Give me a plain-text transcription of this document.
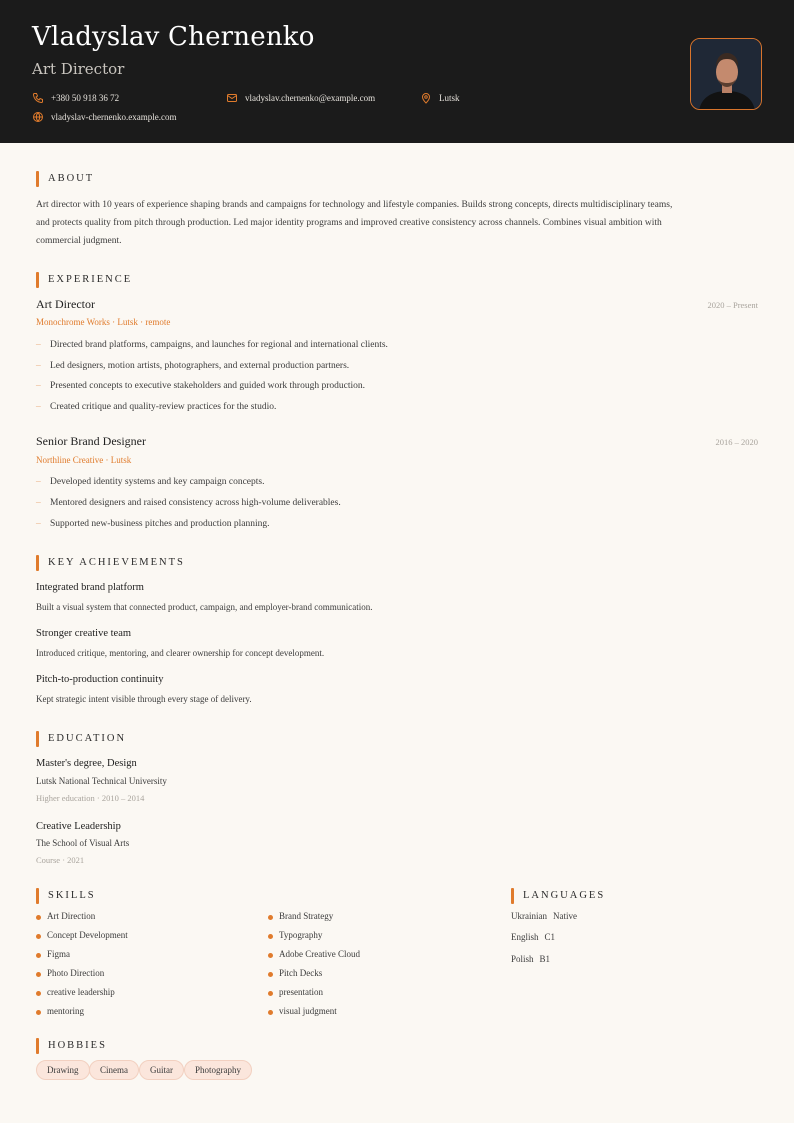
Vladyslav Chernenko
Art Director
+380 50 918 36 72	vladyslav.chernenko@example.com	Lutsk
vladyslav-chernenko.example.com
ABOUT
Art director with 10 years of experience shaping brands and campaigns for technology and lifestyle companies. Builds strong concepts, directs multidisciplinary teams,
and protects quality from pitch through production. Led major identity programs and improved creative consistency across channels. Combines visual ambition with
commercial judgment.
EXPERIENCE
Art Director	2020 – Present
Monochrome Works · Lutsk · remote
– Directed brand platforms, campaigns, and launches for regional and international clients.
– Led designers, motion artists, photographers, and external production partners.
– Presented concepts to executive stakeholders and guided work through production.
– Created critique and quality-review practices for the studio.
Senior Brand Designer	2016 – 2020
Northline Creative · Lutsk
– Developed identity systems and key campaign concepts.
– Mentored designers and raised consistency across high-volume deliverables.
– Supported new-business pitches and production planning.
KEY ACHIEVEMENTS
Integrated brand platform
Built a visual system that connected product, campaign, and employer-brand communication.
Stronger creative team
Introduced critique, mentoring, and clearer ownership for concept development.
Pitch-to-production continuity
Kept strategic intent visible through every stage of delivery.
EDUCATION
Master's degree, Design
Lutsk National Technical University
Higher education · 2010 – 2014
Creative Leadership
The School of Visual Arts
Course · 2021
SKILLS
Art Direction
Concept Development
Figma
Photo Direction
creative leadership
mentoring
Brand Strategy
Typography
Adobe Creative Cloud
Pitch Decks
presentation
visual judgment
LANGUAGES
Ukrainian Native
English C1
Polish B1
HOBBIES
Drawing	Cinema	Guitar	Photography
